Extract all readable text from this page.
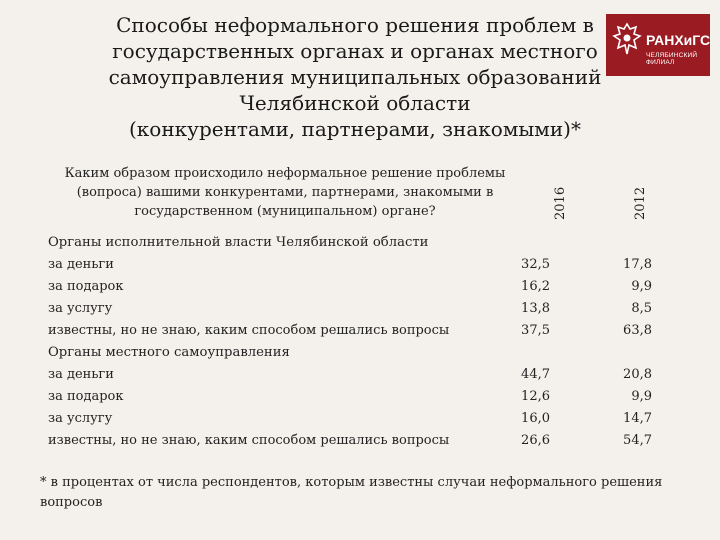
Способы неформального решения проблем в
государственных органах и органах местного
самоуправления муниципальных образований
Челябинской области
(конкурентами, партнерами, знакомыми)*
РАНХиГС
ЧЕЛЯБИНСКИЙ ФИЛИАЛ
Каким образом происходило неформальное решение проблемы (вопроса) вашими конкурентами, партнерами, знакомыми в государственном (муниципальном) органе?	2016	2012
Органы исполнительной власти Челябинской области
за деньги	32,5	17,8
за подарок	16,2	9,9
за услугу	13,8	8,5
известны, но не знаю, каким способом решались вопросы	37,5	63,8
Органы местного самоуправления
за деньги	44,7	20,8
за подарок	12,6	9,9
за услугу	16,0	14,7
известны, но не знаю, каким способом решались вопросы	26,6	54,7
* в процентах от числа респондентов, которым известны случаи неформального решения вопросов
